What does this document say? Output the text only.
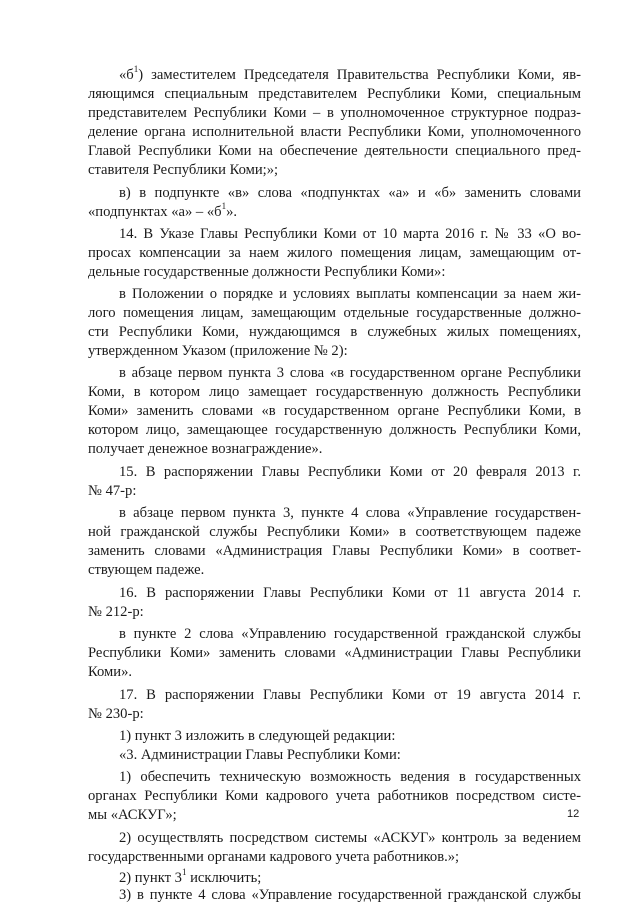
«$б^1$) заместителем Председателя Правительства Республики Коми, яв-
ляющимся специальным представителем Республики Коми, специальным
представителем Республики Коми – в уполномоченное структурное подраз-
деление органа исполнительной власти Республики Коми, уполномоченного
Главой Республики Коми на обеспечение деятельности специального пред-
ставителя Республики Коми;»;
в) в подпункте «в» слова «подпунктах «а» и «б» заменить словами
«подпунктах «а» – «$б^1$».
14. В Указе Главы Республики Коми от 10 марта 2016 г. № 33 «О во-
просах компенсации за наем жилого помещения лицам, замещающим от-
дельные государственные должности Республики Коми»:
в Положении о порядке и условиях выплаты компенсации за наем жи-
лого помещения лицам, замещающим отдельные государственные должно-
сти Республики Коми, нуждающимся в служебных жилых помещениях,
утвержденном Указом (приложение № 2):
в абзаце первом пункта 3 слова «в государственном органе Республики
Коми, в котором лицо замещает государственную должность Республики
Коми» заменить словами «в государственном органе Республики Коми, в
котором лицо, замещающее государственную должность Республики Коми,
получает денежное вознаграждение».
15. В распоряжении Главы Республики Коми от 20 февраля 2013 г.
№ 47-р:
в абзаце первом пункта 3, пункте 4 слова «Управление государствен-
ной гражданской службы Республики Коми» в соответствующем падеже
заменить словами «Администрация Главы Республики Коми» в соответ-
ствующем падеже.
16. В распоряжении Главы Республики Коми от 11 августа 2014 г.
№ 212-р:
в пункте 2 слова «Управлению государственной гражданской службы
Республики Коми» заменить словами «Администрации Главы Республики
Коми».
17. В распоряжении Главы Республики Коми от 19 августа 2014 г.
№ 230-р:
1) пункт 3 изложить в следующей редакции:
«3. Администрации Главы Республики Коми:
1) обеспечить техническую возможность ведения в государственных
органах Республики Коми кадрового учета работников посредством систе-
мы «АСКУГ»;
2) осуществлять посредством системы «АСКУГ» контроль за ведением
государственными органами кадрового учета работников.»;
2) пункт $3^1$ исключить;
3) в пункте 4 слова «Управление государственной гражданской службы
12
